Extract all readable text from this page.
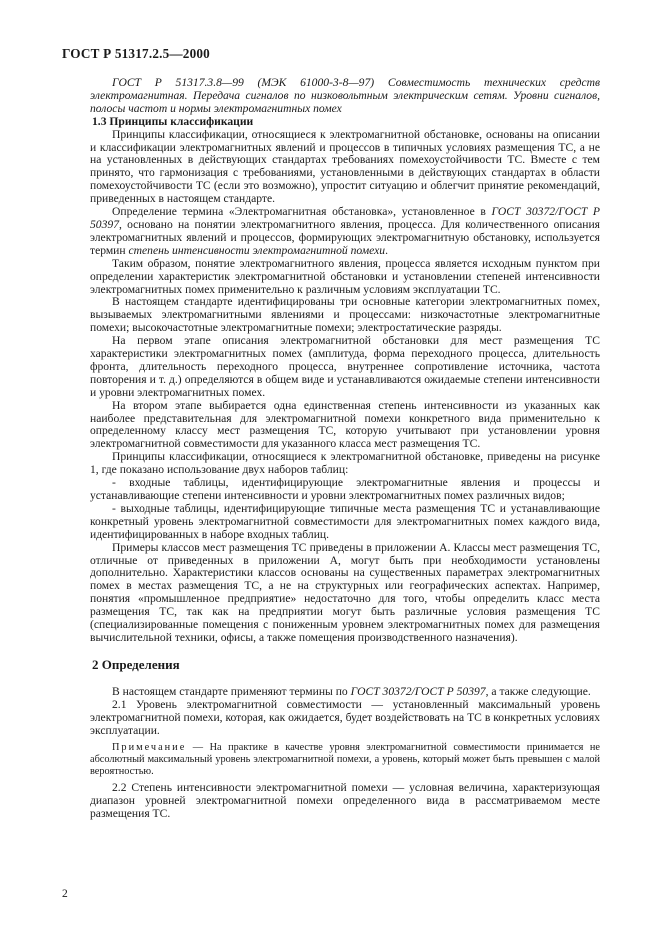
ГОСТ Р 51317.2.5—2000

ГОСТ Р 51317.3.8—99 (МЭК 61000-3-8—97) Совместимость технических средств электромагнитная. Передача сигналов по низковольтным электрическим сетям. Уровни сигналов, полосы частот и нормы электромагнитных помех

1.3 Принципы классификации

Принципы классификации, относящиеся к электромагнитной обстановке, основаны на описании и классификации электромагнитных явлений и процессов в типичных условиях размещения ТС, а не на установленных в действующих стандартах требованиях помехоустойчивости ТС. Вместе с тем принято, что гармонизация с требованиями, установленными в действующих стандартах в области помехоустойчивости ТС (если это возможно), упростит ситуацию и облегчит принятие рекомендаций, приведенных в настоящем стандарте.

Определение термина «Электромагнитная обстановка», установленное в ГОСТ 30372/ГОСТ Р 50397, основано на понятии электромагнитного явления, процесса. Для количественного описания электромагнитных явлений и процессов, формирующих электромагнитную обстановку, используется термин степень интенсивности электромагнитной помехи.

Таким образом, понятие электромагнитного явления, процесса является исходным пунктом при определении характеристик электромагнитной обстановки и установлении степеней интенсивности электромагнитных помех применительно к различным условиям эксплуатации ТС.

В настоящем стандарте идентифицированы три основные категории электромагнитных помех, вызываемых электромагнитными явлениями и процессами: низкочастотные электромагнитные помехи; высокочастотные электромагнитные помехи; электростатические разряды.

На первом этапе описания электромагнитной обстановки для мест размещения ТС характеристики электромагнитных помех (амплитуда, форма переходного процесса, длительность фронта, длительность переходного процесса, внутреннее сопротивление источника, частота повторения и т. д.) определяются в общем виде и устанавливаются ожидаемые степени интенсивности и уровни электромагнитных помех.

На втором этапе выбирается одна единственная степень интенсивности из указанных как наиболее представительная для электромагнитной помехи конкретного вида применительно к определенному классу мест размещения ТС, которую учитывают при установлении уровня электромагнитной совместимости для указанного класса мест размещения ТС.

Принципы классификации, относящиеся к электромагнитной обстановке, приведены на рисунке 1, где показано использование двух наборов таблиц:

- входные таблицы, идентифицирующие электромагнитные явления и процессы и устанавливающие степени интенсивности и уровни электромагнитных помех различных видов;

- выходные таблицы, идентифицирующие типичные места размещения ТС и устанавливающие конкретный уровень электромагнитной совместимости для электромагнитных помех каждого вида, идентифицированных в наборе входных таблиц.

Примеры классов мест размещения ТС приведены в приложении А. Классы мест размещения ТС, отличные от приведенных в приложении А, могут быть при необходимости установлены дополнительно. Характеристики классов основаны на существенных параметрах электромагнитных помех в местах размещения ТС, а не на структурных или географических аспектах. Например, понятия «промышленное предприятие» недостаточно для того, чтобы определить класс места размещения ТС, так как на предприятии могут быть различные условия размещения ТС (специализированные помещения с пониженным уровнем электромагнитных помех для размещения вычислительной техники, офисы, а также помещения производственного назначения).

2 Определения

В настоящем стандарте применяют термины по ГОСТ 30372/ГОСТ Р 50397, а также следующие.

2.1 Уровень электромагнитной совместимости — установленный максимальный уровень электромагнитной помехи, которая, как ожидается, будет воздействовать на ТС в конкретных условиях эксплуатации.

Примечание — На практике в качестве уровня электромагнитной совместимости принимается не абсолютный максимальный уровень электромагнитной помехи, а уровень, который может быть превышен с малой вероятностью.

2.2 Степень интенсивности электромагнитной помехи — условная величина, характеризующая диапазон уровней электромагнитной помехи определенного вида в рассматриваемом месте размещения ТС.

2
